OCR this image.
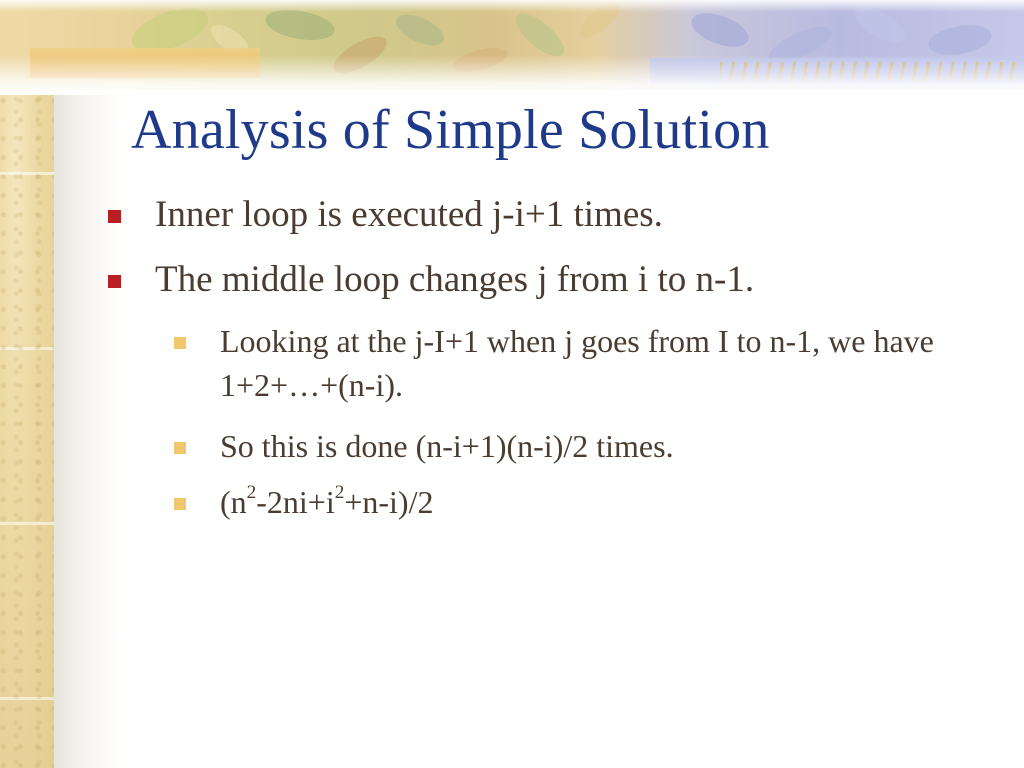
Analysis of Simple Solution

Inner loop is executed j-i+1 times.

The middle loop changes j from i to n-1.

Looking at the j-I+1 when j goes from I to n-1, we have 1+2+…+(n-i).

So this is done (n-i+1)(n-i)/2 times.

$(n^2-2ni+i^2+n-i)/2$
